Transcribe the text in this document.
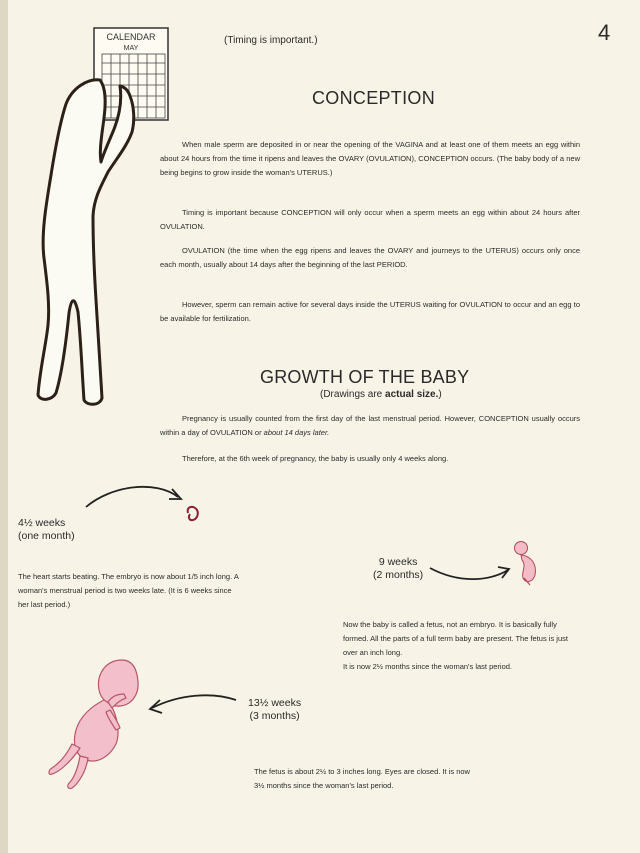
4
(Timing is important.)
CALENDAR
MAY
CONCEPTION

When male sperm are deposited in or near the opening of the VAGINA and at least one of them meets an egg within about 24 hours from the time it ripens and leaves the OVARY (OVULATION), CONCEPTION occurs. (The baby body of a new being begins to grow inside the woman's UTERUS.)

Timing is important because CONCEPTION will only occur when a sperm meets an egg within about 24 hours after OVULATION.

OVULATION (the time when the egg ripens and leaves the OVARY and journeys to the UTERUS) occurs only once each month, usually about 14 days after the beginning of the last PERIOD.

However, sperm can remain active for several days inside the UTERUS waiting for OVULATION to occur and an egg to be available for fertilization.

GROWTH OF THE BABY
(Drawings are actual size.)

Pregnancy is usually counted from the first day of the last menstrual period. However, CONCEPTION usually occurs within a day of OVULATION or about 14 days later.

Therefore, at the 6th week of pregnancy, the baby is usually only 4 weeks along.

4½ weeks
(one month)
The heart starts beating. The embryo is now about 1/5 inch long. A
woman's menstrual period is two weeks late. (It is 6 weeks since
her last period.)
9 weeks
(2 months)
Now the baby is called a fetus, not an embryo. It is basically fully
formed. All the parts of a full term baby are present. The fetus is just
over an inch long.
It is now 2½ months since the woman's last period.
13½ weeks
(3 months)
The fetus is about 2½ to 3 inches long. Eyes are closed. It is now
3½ months since the woman's last period.
